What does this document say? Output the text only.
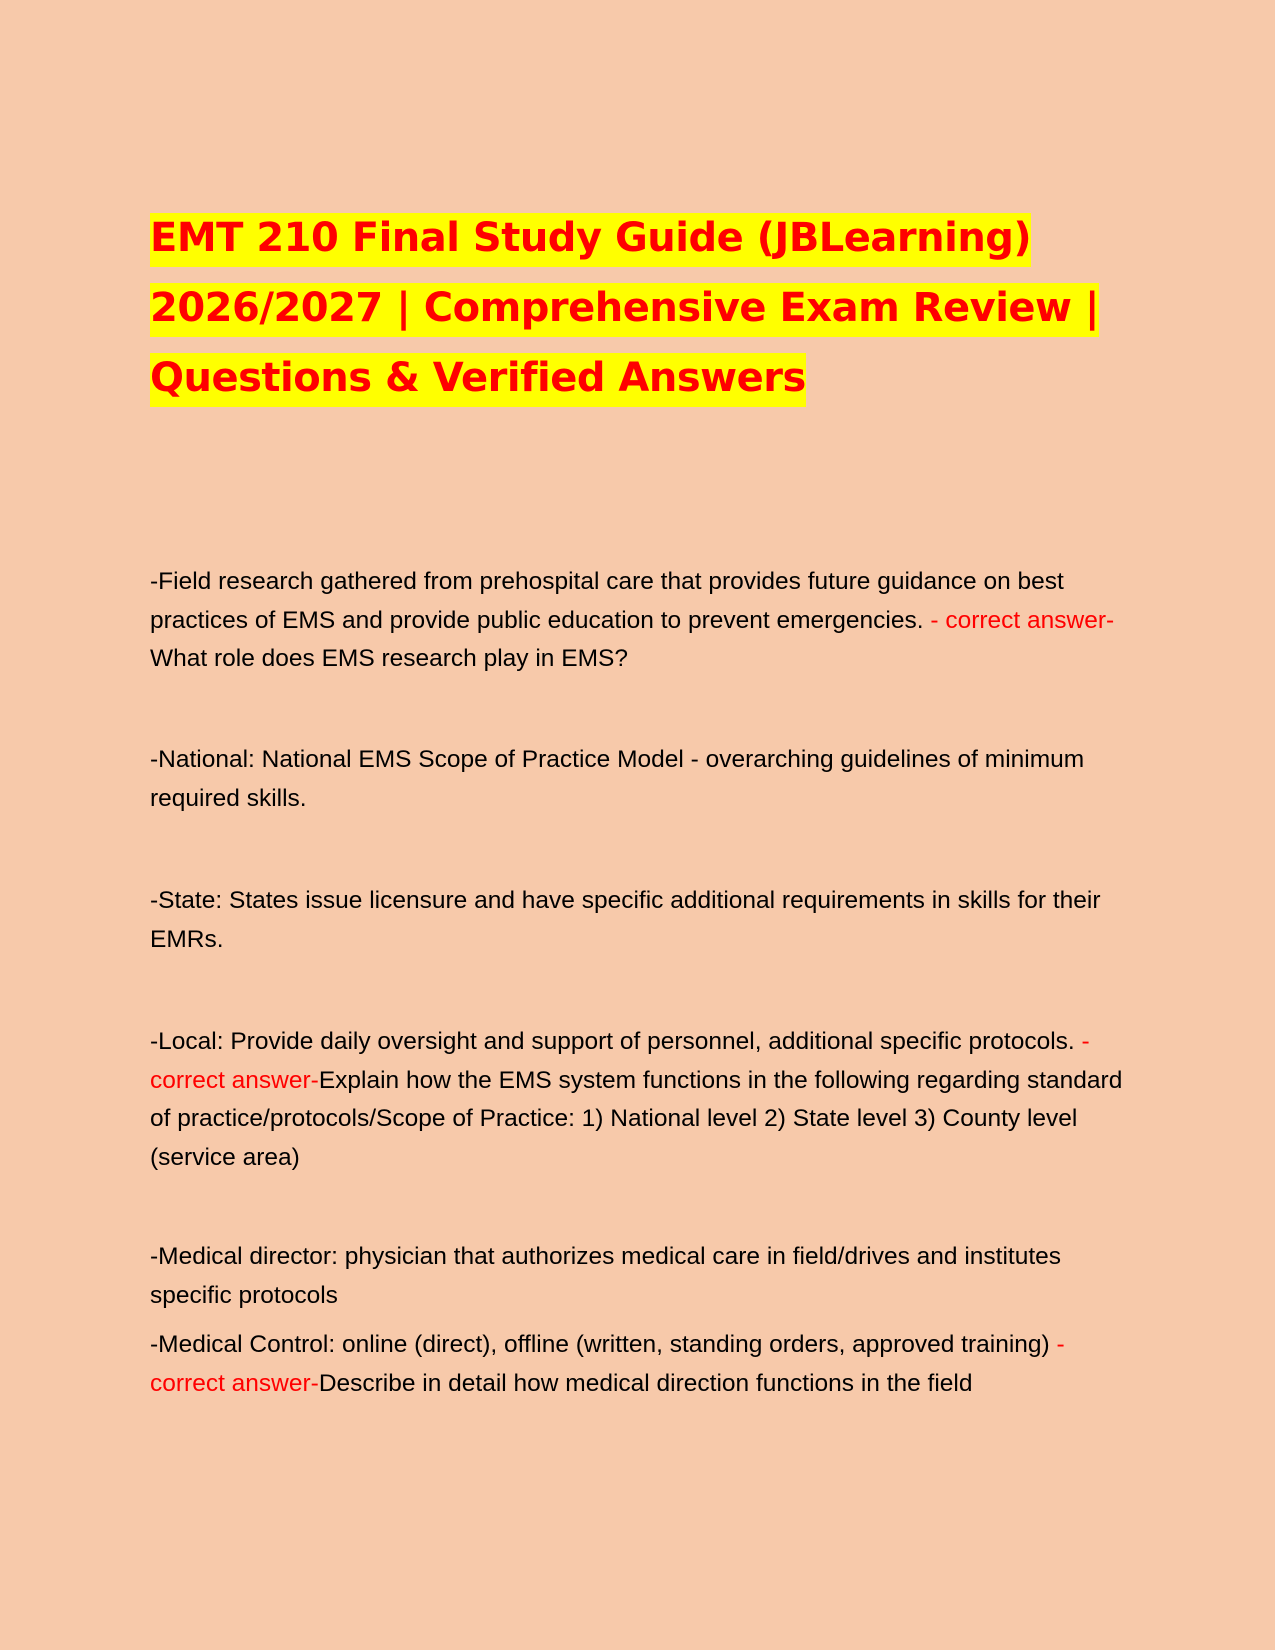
EMT 210 Final Study Guide (JBLearning) 2026/2027 | Comprehensive Exam Review | Questions & Verified Answers

-Field research gathered from prehospital care that provides future guidance on best practices of EMS and provide public education to prevent emergencies. - correct answer-What role does EMS research play in EMS?

-National: National EMS Scope of Practice Model - overarching guidelines of minimum required skills.

-State: States issue licensure and have specific additional requirements in skills for their EMRs.

-Local: Provide daily oversight and support of personnel, additional specific protocols. - correct answer-Explain how the EMS system functions in the following regarding standard of practice/protocols/Scope of Practice: 1) National level 2) State level 3) County level (service area)

-Medical director: physician that authorizes medical care in field/drives and institutes specific protocols

-Medical Control: online (direct), offline (written, standing orders, approved training) - correct answer-Describe in detail how medical direction functions in the field
